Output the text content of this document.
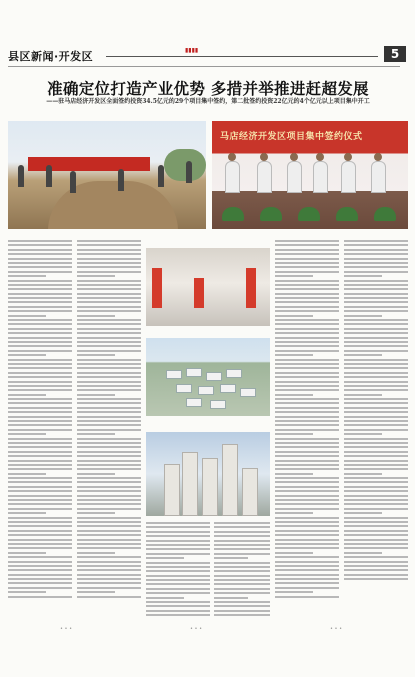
县区新闻·开发区	▮▮▮▮	5
准确定位打造产业优势 多措并举推进赶超发展
——驻马店经济开发区全面签约投资34.5亿元的29个项目集中签约，第二批签约投资22亿元的4个亿元以上项目集中开工
马店经济开发区项目集中签约仪式
• • •	• • •	• • •
